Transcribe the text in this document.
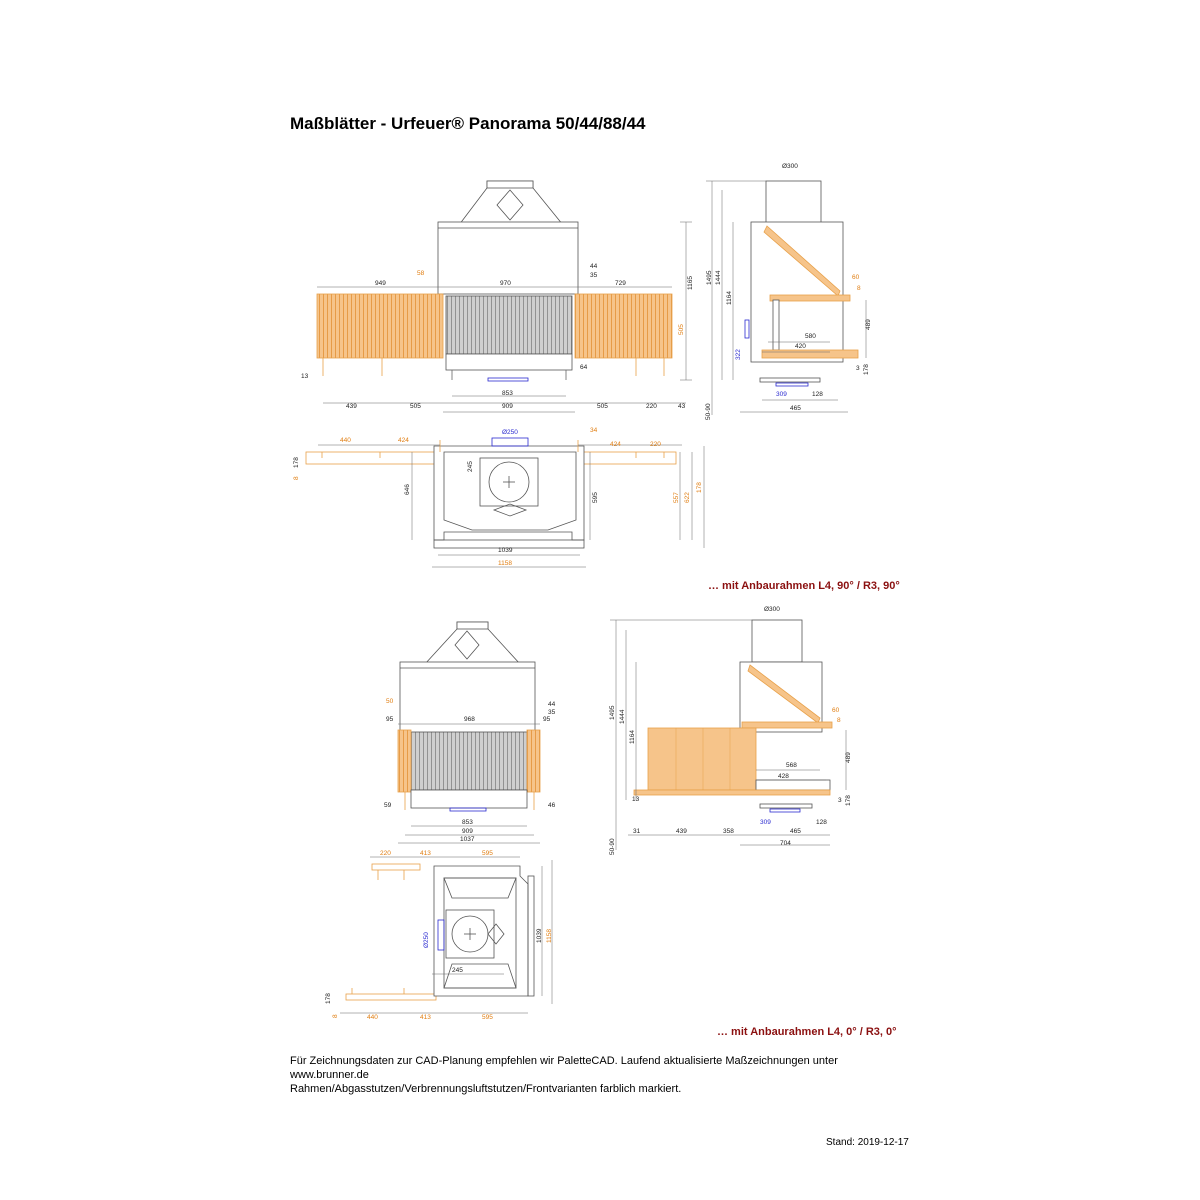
Maßblätter - Urfeuer® Panorama 50/44/88/44
949
58
970	729
44
35
64
1165
505
13
439	505
853
909	505	220	43
Ø300
1495 1444
1164
60
8
489
580
420
322
3 178
309	128
465
50-90
440	424
Ø250	34
424	220
178
8
245
646
595	557 622
178
1039
1158
44
35
95	968	95
50
59	46
853
909
1037
Ø300
1495 1444
1164
60
8
489
568
428
13	3 178
31	439	358
309	128
465
704
50-90
220	413	595
Ø250
245
1039 1158
178
8	440	413	595
… mit Anbaurahmen L4, 90° / R3, 90°
… mit Anbaurahmen L4, 0° / R3, 0°
Für Zeichnungsdaten zur CAD-Planung empfehlen wir PaletteCAD. Laufend aktualisierte Maßzeichnungen unter
www.brunner.de
Rahmen/Abgasstutzen/Verbrennungsluftstutzen/Frontvarianten farblich markiert.
Stand: 2019-12-17
